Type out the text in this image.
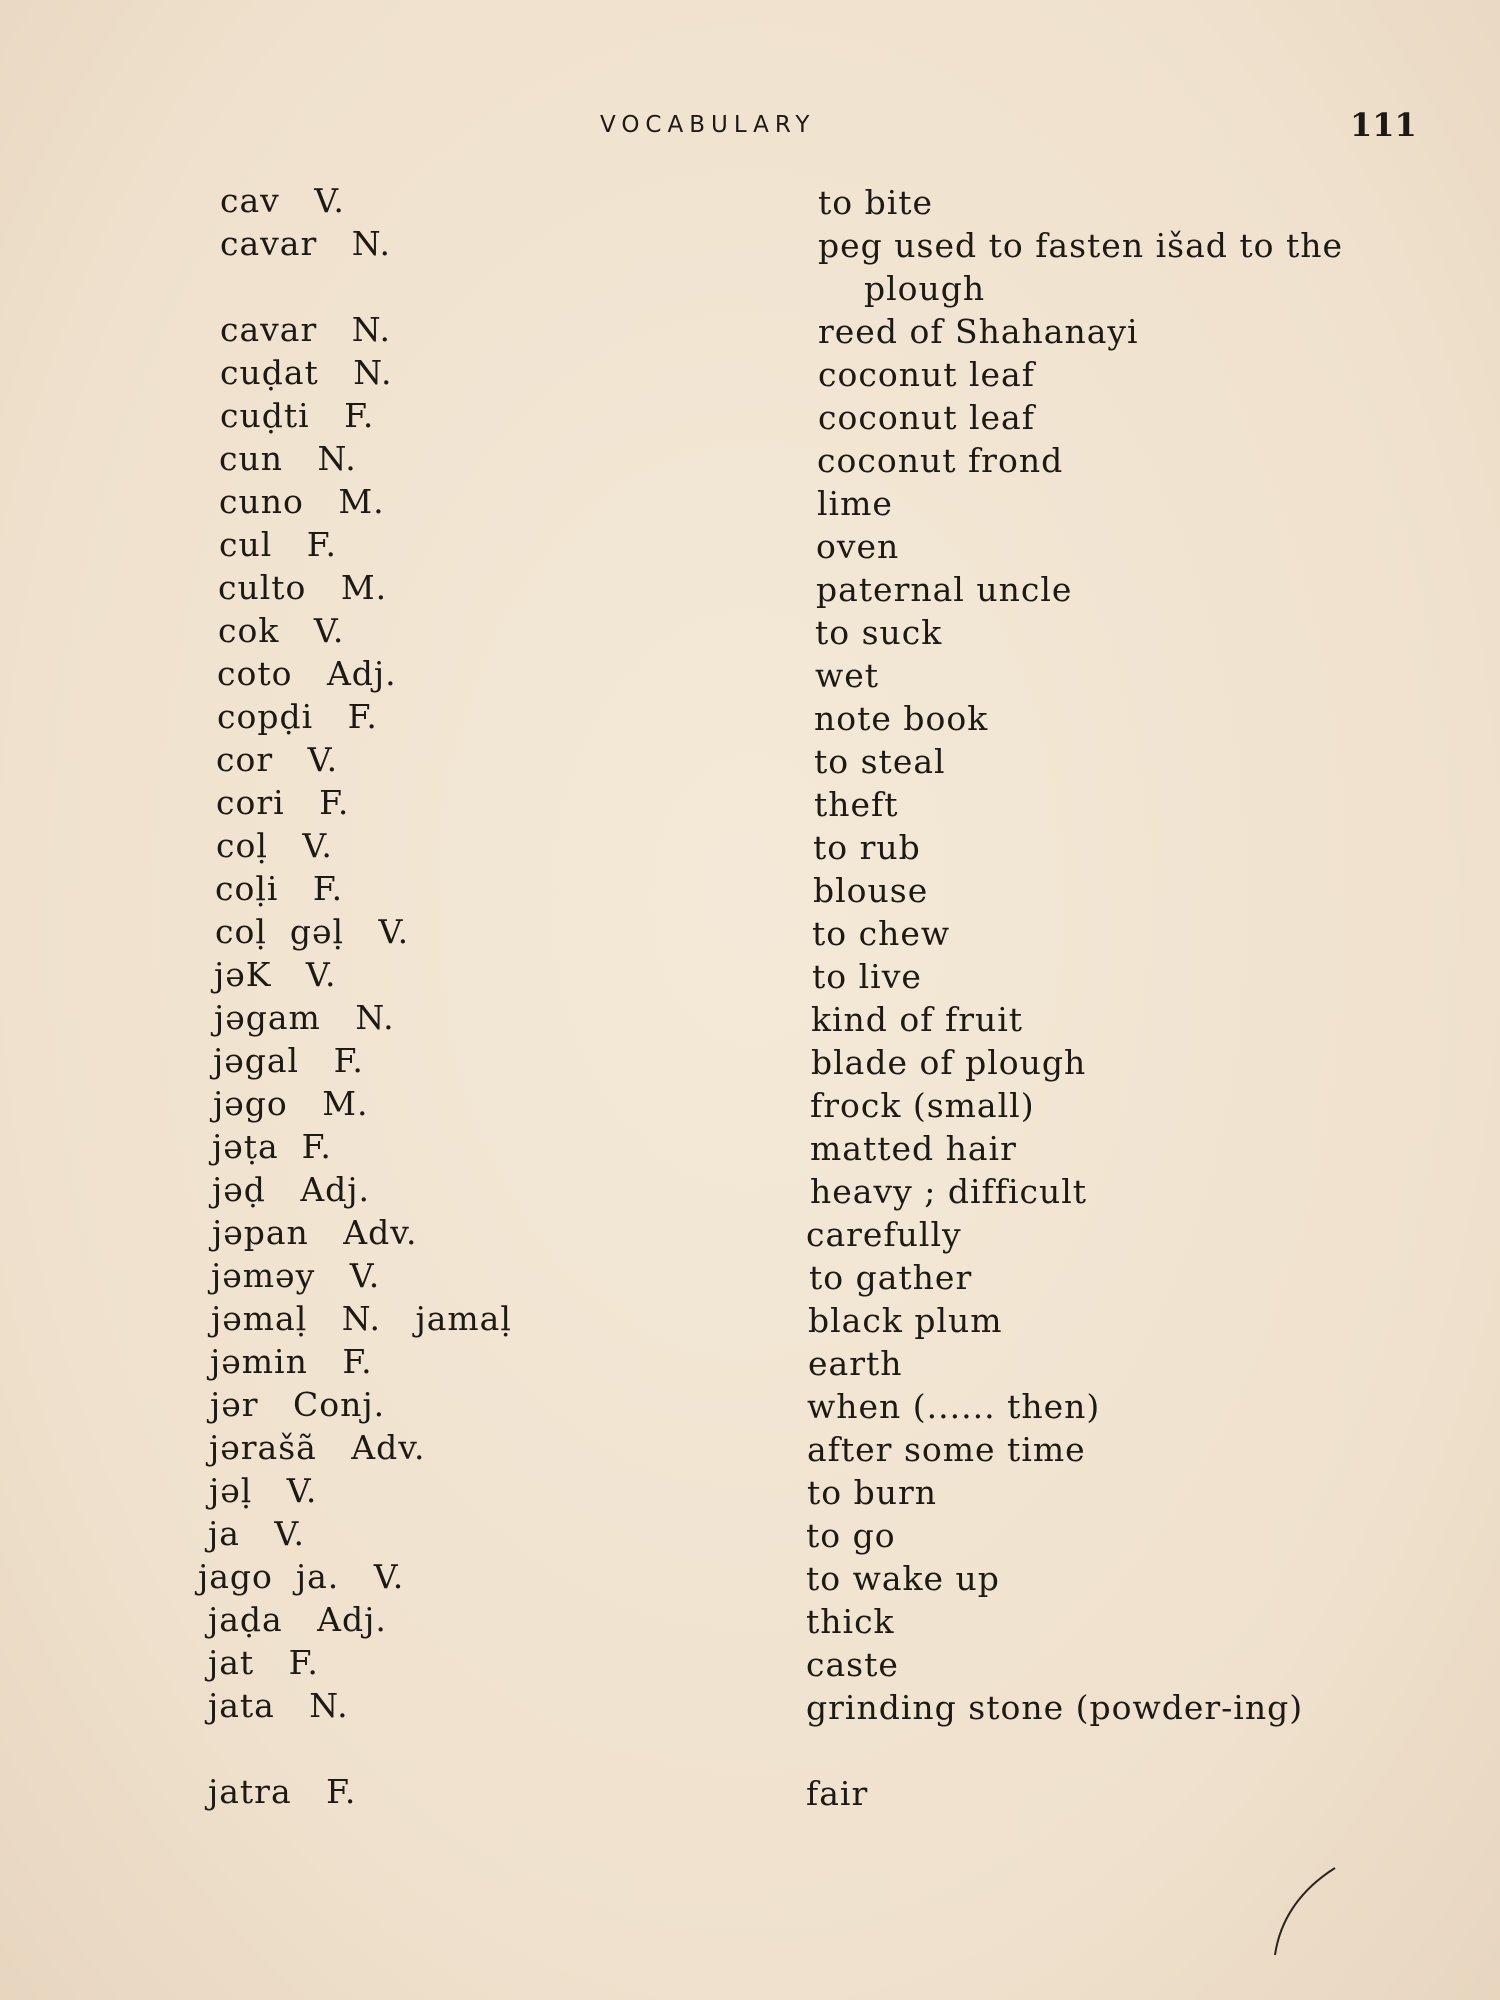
VOCABULARY	111
cav   V.	to bite
cavar   N.	peg used to fasten išad to the plough
cavar   N.	reed of Shahanayi
cuḍat   N.	coconut leaf
cuḍti   F.	coconut leaf
cun   N.	coconut frond
cuno   M.	lime
cul   F.	oven
culto   M.	paternal uncle
cok   V.	to suck
coto   Adj.	wet
copḍi   F.	note book
cor   V.	to steal
cori   F.	theft
coḷ   V.	to rub
coḷi   F.	blouse
coḷ  gəḷ   V.	to chew
jəK   V.	to live
jəgam   N.	kind of fruit
jəgal   F.	blade of plough
jəgo   M.	frock (small)
jəṭa  F.	matted hair
jəḍ   Adj.	heavy ; difficult
jəpan   Adv.	carefully
jəməy   V.	to gather
jəmaḷ   N.   jamaḷ	black plum
jəmin   F.	earth
jər   Conj.	when (...... then)
jərašã   Adv.	after some time
jəḷ   V.	to burn
ja   V.	to go
jago  ja.   V.	to wake up
jaḍa   Adj.	thick
jat   F.	caste
jata   N.	grinding stone (powder-ing)
jatra   F.	fair
